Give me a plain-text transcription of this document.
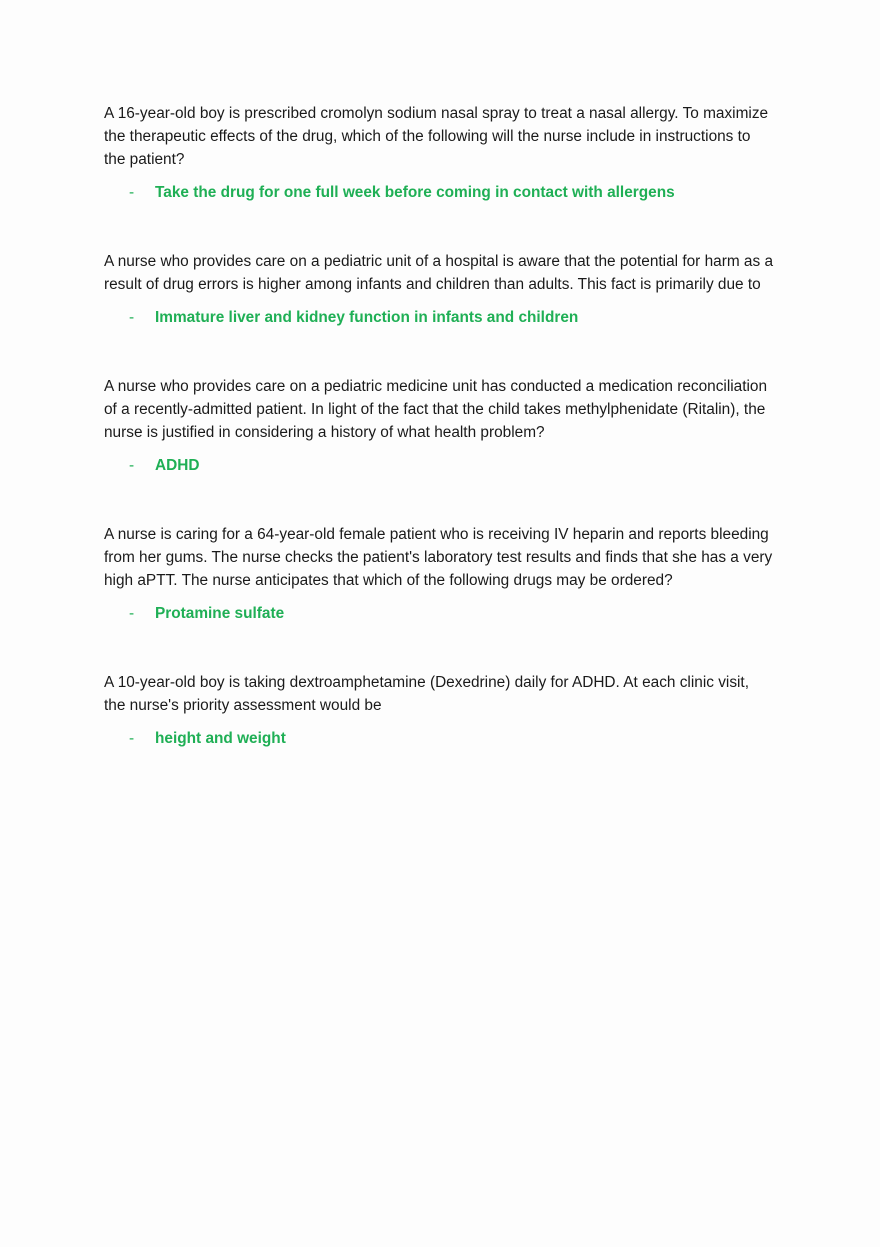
A 16-year-old boy is prescribed cromolyn sodium nasal spray to treat a nasal allergy. To maximize the therapeutic effects of the drug, which of the following will the nurse include in instructions to the patient?

-	Take the drug for one full week before coming in contact with allergens

A nurse who provides care on a pediatric unit of a hospital is aware that the potential for harm as a result of drug errors is higher among infants and children than adults. This fact is primarily due to

-	Immature liver and kidney function in infants and children

A nurse who provides care on a pediatric medicine unit has conducted a medication reconciliation of a recently-admitted patient. In light of the fact that the child takes methylphenidate (Ritalin), the nurse is justified in considering a history of what health problem?

-	ADHD

A nurse is caring for a 64-year-old female patient who is receiving IV heparin and reports bleeding from her gums. The nurse checks the patient's laboratory test results and finds that she has a very high aPTT. The nurse anticipates that which of the following drugs may be ordered?

-	Protamine sulfate

A 10-year-old boy is taking dextroamphetamine (Dexedrine) daily for ADHD. At each clinic visit, the nurse's priority assessment would be

-	height and weight
